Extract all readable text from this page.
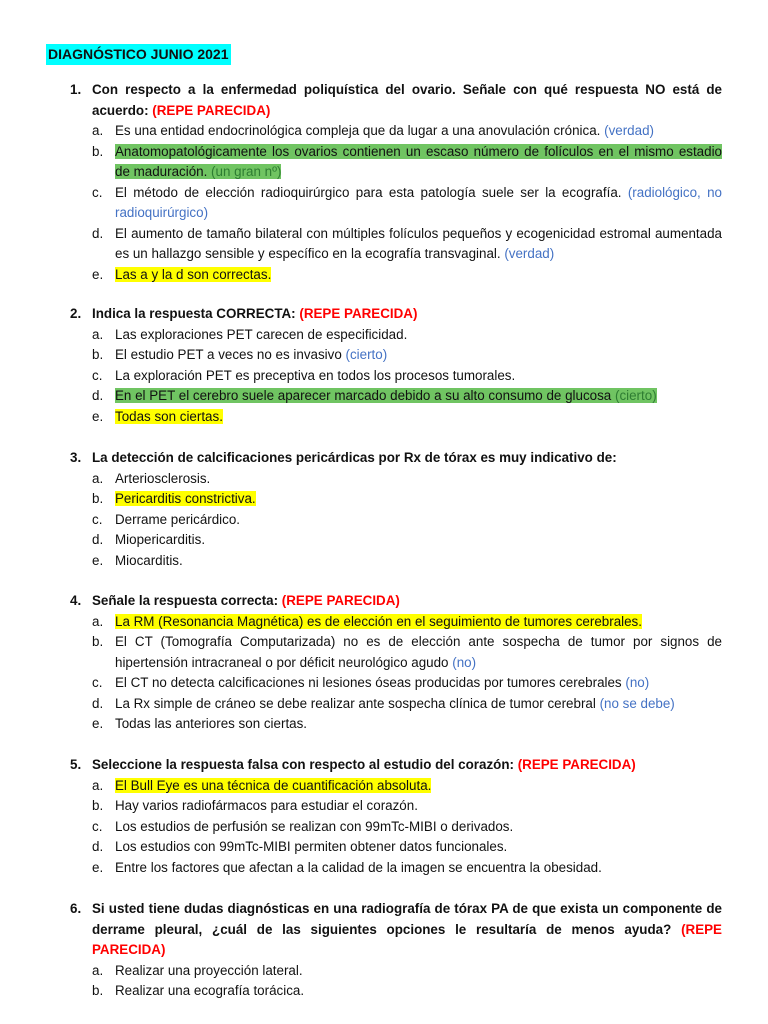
DIAGNÓSTICO JUNIO 2021
1. Con respecto a la enfermedad poliquística del ovario. Señale con qué respuesta NO está de acuerdo: (REPE PARECIDA)
a. Es una entidad endocrinológica compleja que da lugar a una anovulación crónica. (verdad)
b. Anatomopatológicamente los ovarios contienen un escaso número de folículos en el mismo estadio de maduración. (un gran nº)
c. El método de elección radioquirúrgico para esta patología suele ser la ecografía. (radiológico, no radioquirúrgico)
d. El aumento de tamaño bilateral con múltiples folículos pequeños y ecogenicidad estromal aumentada es un hallazgo sensible y específico en la ecografía transvaginal. (verdad)
e. Las a y la d son correctas.
2. Indica la respuesta CORRECTA: (REPE PARECIDA)
a. Las exploraciones PET carecen de especificidad.
b. El estudio PET a veces no es invasivo (cierto)
c. La exploración PET es preceptiva en todos los procesos tumorales.
d. En el PET el cerebro suele aparecer marcado debido a su alto consumo de glucosa (cierto)
e. Todas son ciertas.
3. La detección de calcificaciones pericárdicas por Rx de tórax es muy indicativo de:
a. Arteriosclerosis.
b. Pericarditis constrictiva.
c. Derrame pericárdico.
d. Miopericarditis.
e. Miocarditis.
4. Señale la respuesta correcta: (REPE PARECIDA)
a. La RM (Resonancia Magnética) es de elección en el seguimiento de tumores cerebrales.
b. El CT (Tomografía Computarizada) no es de elección ante sospecha de tumor por signos de hipertensión intracraneal o por déficit neurológico agudo (no)
c. El CT no detecta calcificaciones ni lesiones óseas producidas por tumores cerebrales (no)
d. La Rx simple de cráneo se debe realizar ante sospecha clínica de tumor cerebral (no se debe)
e. Todas las anteriores son ciertas.
5. Seleccione la respuesta falsa con respecto al estudio del corazón: (REPE PARECIDA)
a. El Bull Eye es una técnica de cuantificación absoluta.
b. Hay varios radiofármacos para estudiar el corazón.
c. Los estudios de perfusión se realizan con 99mTc-MIBI o derivados.
d. Los estudios con 99mTc-MIBI permiten obtener datos funcionales.
e. Entre los factores que afectan a la calidad de la imagen se encuentra la obesidad.
6. Si usted tiene dudas diagnósticas en una radiografía de tórax PA de que exista un componente de derrame pleural, ¿cuál de las siguientes opciones le resultaría de menos ayuda? (REPE PARECIDA)
a. Realizar una proyección lateral.
b. Realizar una ecografía torácica.
